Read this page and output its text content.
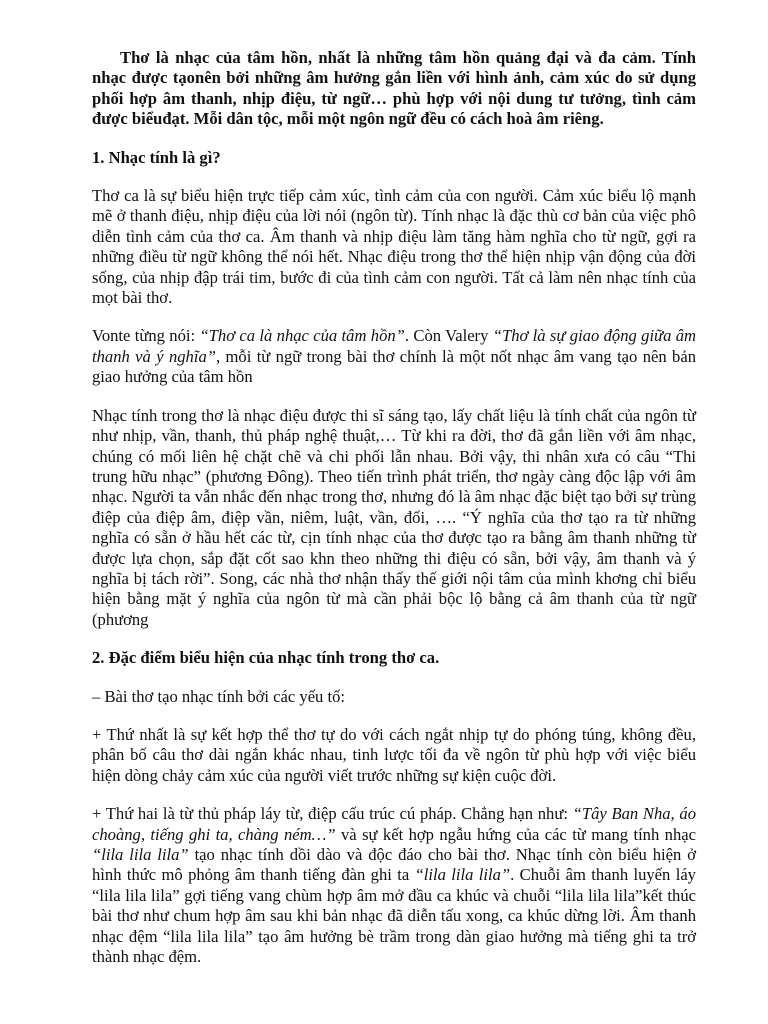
Thơ là nhạc của tâm hồn, nhất là những tâm hồn quảng đại và đa cảm. Tính nhạc được tạonên bởi những âm hưởng gắn liền với hình ảnh, cảm xúc do sử dụng phối hợp âm thanh, nhịp điệu, từ ngữ… phù hợp với nội dung tư tưởng, tình cảm được biểuđạt. Mỗi dân tộc, mỗi một ngôn ngữ đều có cách hoà âm riêng.

1. Nhạc tính là gì?

Thơ ca là sự biểu hiện trực tiếp cảm xúc, tình cảm của con người. Cảm xúc biểu lộ mạnh mẽ ở thanh điệu, nhịp điệu của lời nói (ngôn từ). Tính nhạc là đặc thù cơ bản của việc phô diễn tình cảm của thơ ca. Âm thanh và nhịp điệu làm tăng hàm nghĩa cho từ ngữ, gợi ra những điều từ ngữ không thể nói hết. Nhạc điệu trong thơ thể hiện nhịp vận động của đời sống, của nhịp đập trái tim, bước đi của tình cảm con người. Tất cả làm nên nhạc tính của mọt bài thơ.

Vonte từng nói: “Thơ ca là nhạc của tâm hồn”. Còn Valery “Thơ là sự giao động giữa âm thanh và ý nghĩa”, mỗi từ ngữ trong bài thơ chính là một nốt nhạc âm vang tạo nên bản giao hưởng của tâm hồn

Nhạc tính trong thơ là nhạc điệu được thi sĩ sáng tạo, lấy chất liệu là tính chất của ngôn từ như nhịp, vần, thanh, thủ pháp nghệ thuật,… Từ khi ra đời, thơ đã gắn liền với âm nhạc, chúng có mối liên hệ chặt chẽ và chi phối lẫn nhau. Bởi vậy, thi nhân xưa có câu “Thi trung hữu nhạc” (phương Đông). Theo tiến trình phát triển, thơ ngày càng độc lập với âm nhạc. Người ta vẫn nhắc đến nhạc trong thơ, nhưng đó là âm nhạc đặc biệt tạo bởi sự trùng điệp của điệp âm, điệp vần, niêm, luật, vần, đối, …. “Ý nghĩa của thơ tạo ra từ những nghĩa có sẵn ở hầu hết các từ, cịn tính nhạc của thơ được tạo ra bằng âm thanh những từ được lựa chọn, sắp đặt cốt sao khn theo những thi điệu có sẵn, bởi vậy, âm thanh và ý nghĩa bị tách rời”. Song, các nhà thơ nhận thấy thế giới nội tâm của mình khơng chỉ biểu hiện bằng mặt ý nghĩa của ngôn từ mà cần phải bộc lộ bằng cả âm thanh của từ ngữ (phương

2. Đặc điểm biểu hiện của nhạc tính trong thơ ca.

– Bài thơ tạo nhạc tính bởi các yếu tố:

+ Thứ nhất là sự kết hợp thể thơ tự do với cách ngắt nhịp tự do phóng túng, không đều, phân bố câu thơ dài ngắn khác nhau, tinh lược tối đa về ngôn từ phù hợp với việc biểu hiện dòng chảy cảm xúc của người viết trước những sự kiện cuộc đời.

+ Thứ hai là từ thủ pháp láy từ, điệp cấu trúc cú pháp. Chẳng hạn như: “Tây Ban Nha, áo choàng, tiếng ghi ta, chàng ném…” và sự kết hợp ngẫu hứng của các từ mang tính nhạc “lila lila lila” tạo nhạc tính dồi dào và độc đáo cho bài thơ. Nhạc tính còn biểu hiện ở hình thức mô phỏng âm thanh tiếng đàn ghi ta “lila lila lila”. Chuỗi âm thanh luyến láy “lila lila lila” gợi tiếng vang chùm hợp âm mở đầu ca khúc và chuỗi “lila lila lila”kết thúc bài thơ như chum hợp âm sau khi bản nhạc đã diễn tấu xong, ca khúc dừng lời. Âm thanh nhạc đệm “lila lila lila” tạo âm hưởng bè trầm trong dàn giao hưởng mà tiếng ghi ta trở thành nhạc đệm.
